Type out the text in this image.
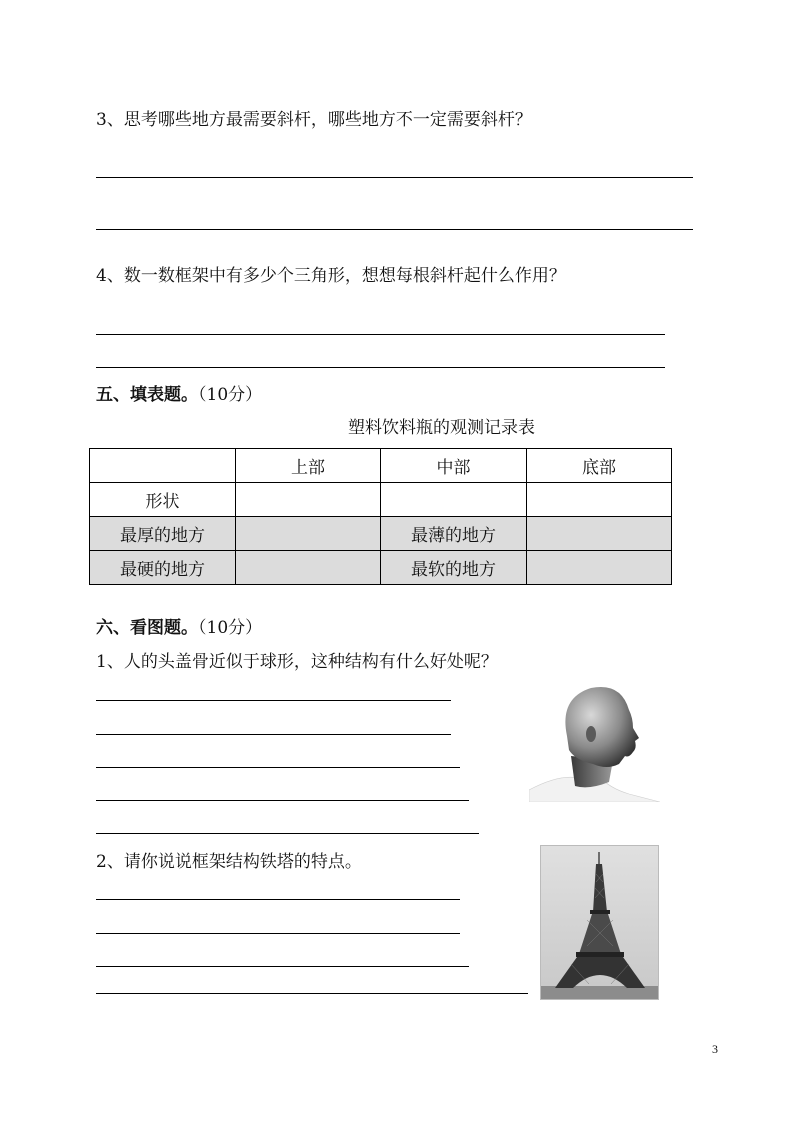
3、思考哪些地方最需要斜杆，哪些地方不一定需要斜杆？
4、数一数框架中有多少个三角形，想想每根斜杆起什么作用？
五、填表题。（10分）
塑料饮料瓶的观测记录表
	上部	中部	底部
形状			
最厚的地方		最薄的地方	
最硬的地方		最软的地方	
六、看图题。（10分）
1、人的头盖骨近似于球形，这种结构有什么好处呢？
2、请你说说框架结构铁塔的特点。
3
